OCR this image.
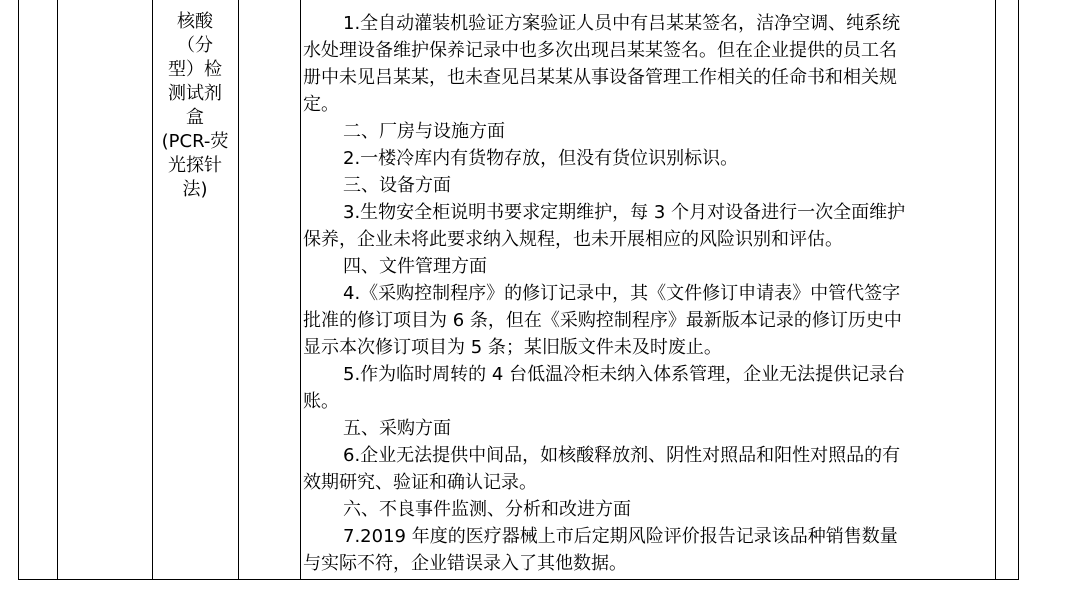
核酸
（分
型）检
测试剂
盒
(PCR-荧
光探针
法)
1.全自动灌装机验证方案验证人员中有吕某某签名，洁净空调、纯系统
水处理设备维护保养记录中也多次出现吕某某签名。但在企业提供的员工名
册中未见吕某某，也未查见吕某某从事设备管理工作相关的任命书和相关规
定。
二、厂房与设施方面
2.一楼冷库内有货物存放，但没有货位识别标识。
三、设备方面
3.生物安全柜说明书要求定期维护，每 3 个月对设备进行一次全面维护
保养，企业未将此要求纳入规程，也未开展相应的风险识别和评估。
四、文件管理方面
4.《采购控制程序》的修订记录中，其《文件修订申请表》中管代签字
批准的修订项目为 6 条，但在《采购控制程序》最新版本记录的修订历史中
显示本次修订项目为 5 条；某旧版文件未及时废止。
5.作为临时周转的 4 台低温冷柜未纳入体系管理，企业无法提供记录台
账。
五、采购方面
6.企业无法提供中间品，如核酸释放剂、阴性对照品和阳性对照品的有
效期研究、验证和确认记录。
六、不良事件监测、分析和改进方面
7.2019 年度的医疗器械上市后定期风险评价报告记录该品种销售数量
与实际不符，企业错误录入了其他数据。
